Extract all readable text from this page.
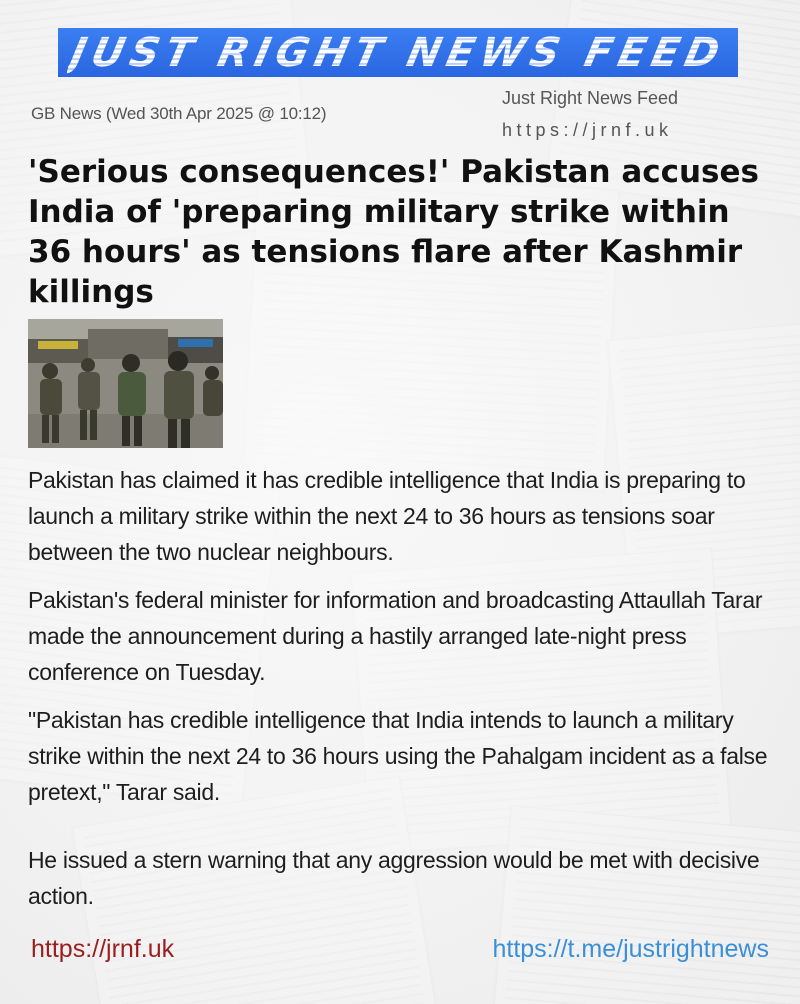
JUST RIGHT NEWS FEED
GB News (Wed 30th Apr 2025 @ 10:12)
Just Right News Feed
https://jrnf.uk
'Serious consequences!' Pakistan accuses India of 'preparing military strike within 36 hours' as tensions flare after Kashmir killings

Pakistan has claimed it has credible intelligence that India is preparing to launch a military strike within the next 24 to 36 hours as tensions soar between the two nuclear neighbours.

Pakistan's federal minister for information and broadcasting Attaullah Tarar made the announcement during a hastily arranged late-night press conference on Tuesday.

"Pakistan has credible intelligence that India intends to launch a military strike within the next 24 to 36 hours using the Pahalgam incident as a false pretext," Tarar said.

He issued a stern warning that any aggression would be met with decisive action.

https://jrnf.uk	https://t.me/justrightnews
